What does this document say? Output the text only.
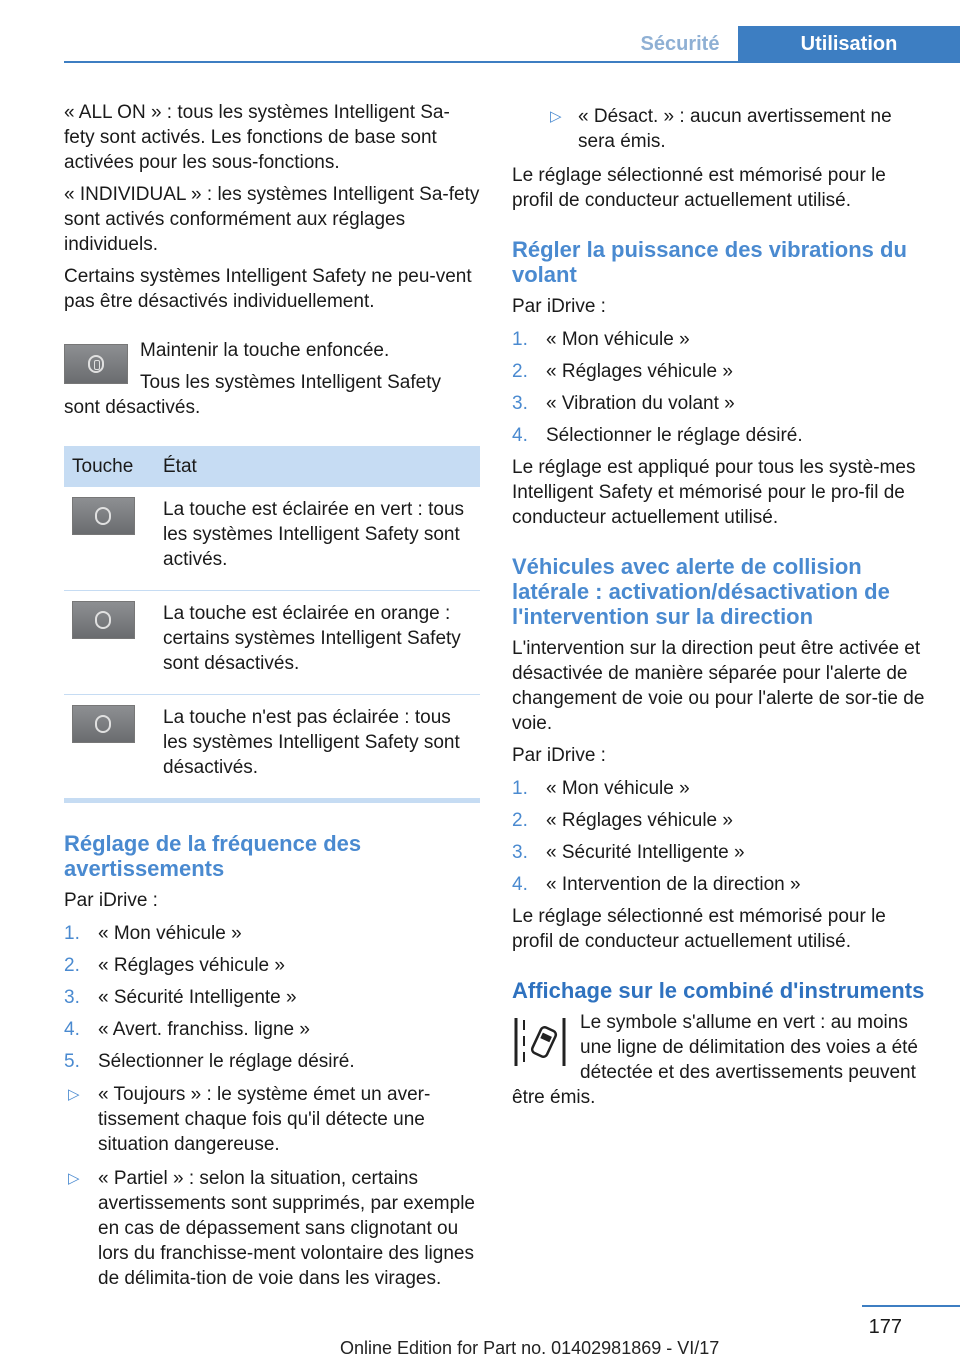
Sécurité	Utilisation

« ALL ON » : tous les systèmes Intelligent Sa‐fety sont activés. Les fonctions de base sont activées pour les sous-fonctions.

« INDIVIDUAL » : les systèmes Intelligent Sa‐fety sont activés conformément aux réglages individuels.

Certains systèmes Intelligent Safety ne peu‐vent pas être désactivés individuellement.

Maintenir la touche enfoncée.

Tous les systèmes Intelligent Safety sont désactivés.

Touche	État

	La touche est éclairée en vert : tous les systèmes Intelligent Safety sont activés.

	La touche est éclairée en orange : certains systèmes Intelligent Safety sont désactivés.

	La touche n'est pas éclairée : tous les systèmes Intelligent Safety sont désactivés.
Réglage de la fréquence des avertissements

Par iDrive :

1. « Mon véhicule »
2. « Réglages véhicule »
3. « Sécurité Intelligente »
4. « Avert. franchiss. ligne »
5. Sélectionner le réglage désiré.
▷ « Toujours » : le système émet un aver‐tissement chaque fois qu'il détecte une situation dangereuse.
▷ « Partiel » : selon la situation, certains avertissements sont supprimés, par exemple en cas de dépassement sans clignotant ou lors du franchisse‐ment volontaire des lignes de délimita‐tion de voie dans les virages.
▷ « Désact. » : aucun avertissement ne sera émis.

Le réglage sélectionné est mémorisé pour le profil de conducteur actuellement utilisé.

Régler la puissance des vibrations du volant

Par iDrive :

1. « Mon véhicule »
2. « Réglages véhicule »
3. « Vibration du volant »
4. Sélectionner le réglage désiré.

Le réglage est appliqué pour tous les systè‐mes Intelligent Safety et mémorisé pour le pro‐fil de conducteur actuellement utilisé.

Véhicules avec alerte de collision latérale : activation/désactivation de l'intervention sur la direction

L'intervention sur la direction peut être activée et désactivée de manière séparée pour l'alerte de changement de voie ou pour l'alerte de sor‐tie de voie.

Par iDrive :

1. « Mon véhicule »
2. « Réglages véhicule »
3. « Sécurité Intelligente »
4. « Intervention de la direction »

Le réglage sélectionné est mémorisé pour le profil de conducteur actuellement utilisé.

Affichage sur le combiné d'instruments

Le symbole s'allume en vert : au moins une ligne de délimitation des voies a été détectée et des avertissements peuvent être émis.

177
Online Edition for Part no. 01402981869 - VI/17
